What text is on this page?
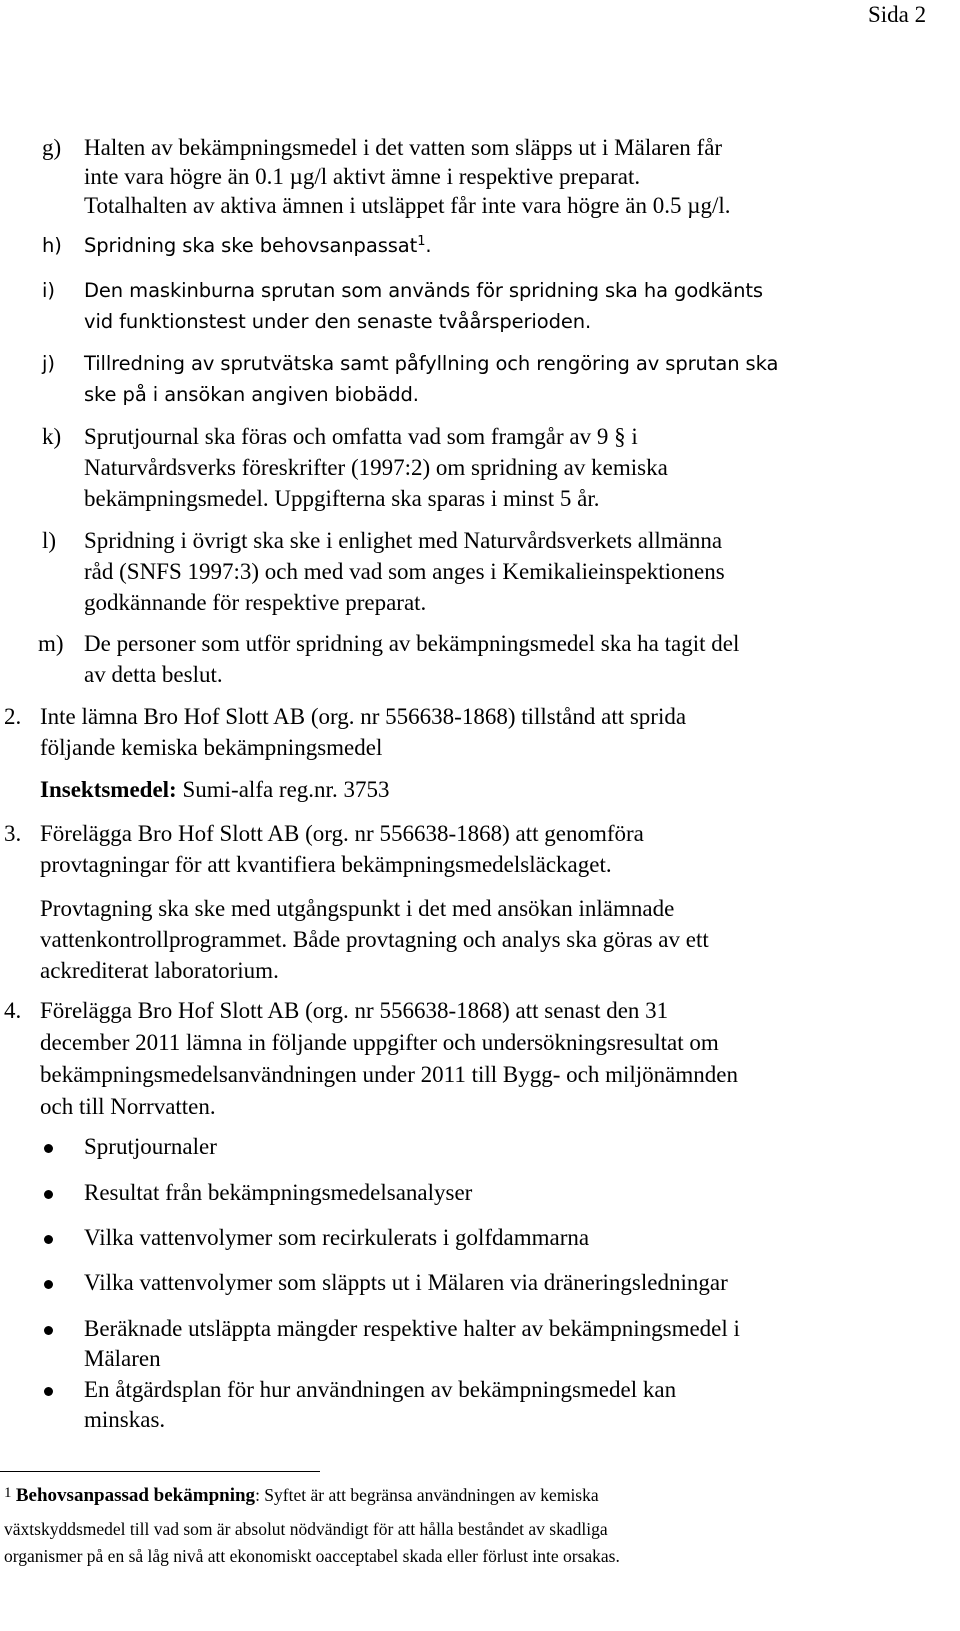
Sida 2
g) Halten av bekämpningsmedel i det vatten som släpps ut i Mälaren får
inte vara högre än 0.1 µg/l aktivt ämne i respektive preparat.
Totalhalten av aktiva ämnen i utsläppet får inte vara högre än 0.5 µg/l.
h) Spridning ska ske behovsanpassat$^1$.
i) Den maskinburna sprutan som används för spridning ska ha godkänts
vid funktionstest under den senaste tvåårsperioden.
j) Tillredning av sprutvätska samt påfyllning och rengöring av sprutan ska
ske på i ansökan angiven biobädd.
k) Sprutjournal ska föras och omfatta vad som framgår av 9 § i
Naturvårdsverks föreskrifter (1997:2) om spridning av kemiska
bekämpningsmedel. Uppgifterna ska sparas i minst 5 år.
l) Spridning i övrigt ska ske i enlighet med Naturvårdsverkets allmänna
råd (SNFS 1997:3) och med vad som anges i Kemikalieinspektionens
godkännande för respektive preparat.
m) De personer som utför spridning av bekämpningsmedel ska ha tagit del
av detta beslut.
2. Inte lämna Bro Hof Slott AB (org. nr 556638-1868) tillstånd att sprida
följande kemiska bekämpningsmedel
Insektsmedel: Sumi-alfa reg.nr. 3753
3. Förelägga Bro Hof Slott AB (org. nr 556638-1868) att genomföra
provtagningar för att kvantifiera bekämpningsmedelsläckaget.
Provtagning ska ske med utgångspunkt i det med ansökan inlämnade
vattenkontrollprogrammet. Både provtagning och analys ska göras av ett
ackrediterat laboratorium.
4. Förelägga Bro Hof Slott AB (org. nr 556638-1868) att senast den 31
december 2011 lämna in följande uppgifter och undersökningsresultat om
bekämpningsmedelsanvändningen under 2011 till Bygg- och miljönämnden
och till Norrvatten.
Sprutjournaler
Resultat från bekämpningsmedelsanalyser
Vilka vattenvolymer som recirkulerats i golfdammarna
Vilka vattenvolymer som släppts ut i Mälaren via dräneringsledningar
Beräknade utsläppta mängder respektive halter av bekämpningsmedel i
Mälaren
En åtgärdsplan för hur användningen av bekämpningsmedel kan
minskas.
1 Behovsanpassad bekämpning: Syftet är att begränsa användningen av kemiska
växtskyddsmedel till vad som är absolut nödvändigt för att hålla beståndet av skadliga
organismer på en så låg nivå att ekonomiskt oacceptabel skada eller förlust inte orsakas.
